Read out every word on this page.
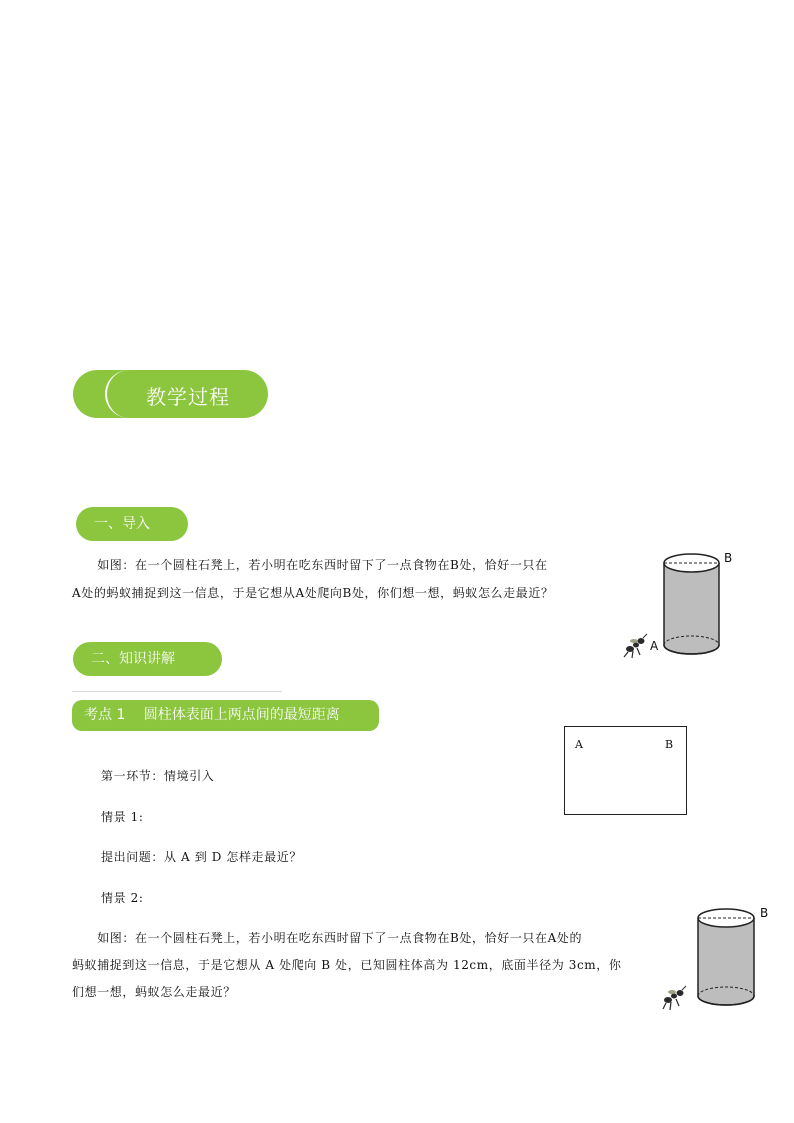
教学过程
一、导入
　　如图：在一个圆柱石凳上，若小明在吃东西时留下了一点食物在B处，恰好一只在
A处的蚂蚁捕捉到这一信息，于是它想从A处爬向B处，你们想一想，蚂蚁怎么走最近？
B
A
二、知识讲解
考点 1　 圆柱体表面上两点间的最短距离
A	B
第一环节：情境引入
情景 1:
提出问题：从 A 到 D 怎样走最近？
情景 2:
　　如图：在一个圆柱石凳上，若小明在吃东西时留下了一点食物在B处，恰好一只在A处的
蚂蚁捕捉到这一信息，于是它想从 A 处爬向 B 处，已知圆柱体高为 12cm，底面半径为 3cm，你
们想一想，蚂蚁怎么走最近？
B
